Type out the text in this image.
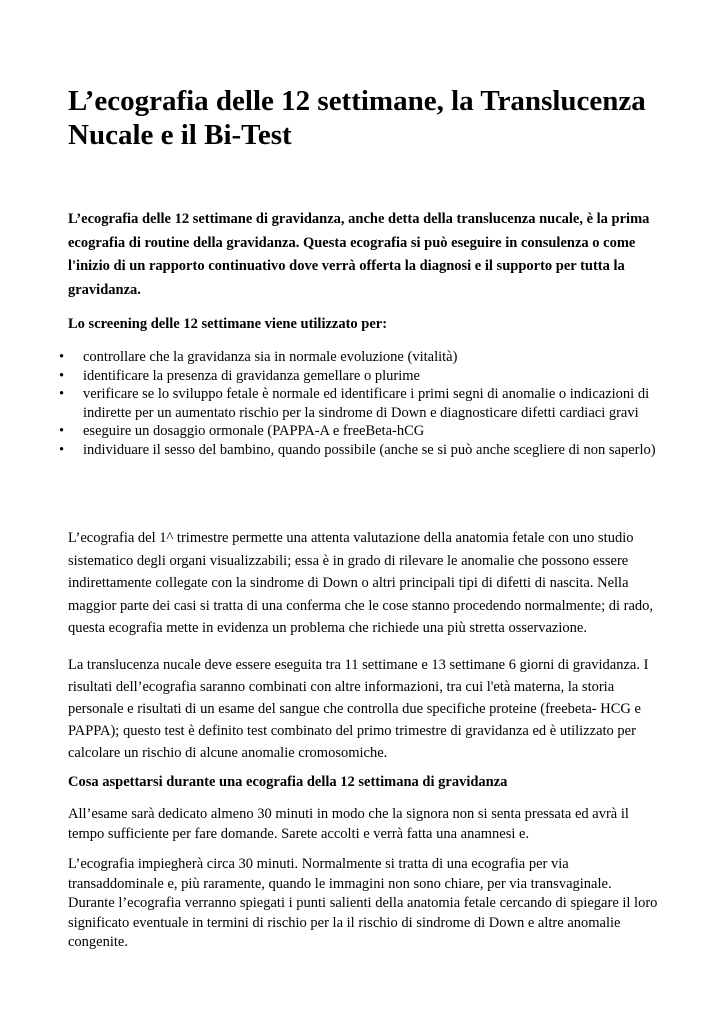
L’ecografia delle 12 settimane, la Translucenza Nucale e il Bi-Test

L’ecografia delle 12 settimane di gravidanza, anche detta della translucenza nucale, è la prima ecografia di routine della gravidanza. Questa ecografia si può eseguire in consulenza o come l'inizio di un rapporto continuativo dove verrà offerta la diagnosi e il supporto per tutta la gravidanza.

Lo screening delle 12 settimane viene utilizzato per:

• controllare che la gravidanza sia in normale evoluzione (vitalità)
• identificare la presenza di gravidanza gemellare o plurime
• verificare se lo sviluppo fetale è normale ed identificare i primi segni di anomalie o indicazioni di indirette per un aumentato rischio per la sindrome di Down e diagnosticare difetti cardiaci gravi
• eseguire un dosaggio ormonale (PAPPA-A e freeBeta-hCG
• individuare il sesso del bambino, quando possibile (anche se si può anche scegliere di non saperlo)

L’ecografia del 1^ trimestre permette una attenta valutazione della anatomia fetale con uno studio sistematico degli organi visualizzabili; essa è in grado di rilevare le anomalie che possono essere indirettamente collegate con la sindrome di Down o altri principali tipi di difetti di nascita. Nella maggior parte dei casi si tratta di una conferma che le cose stanno procedendo normalmente; di rado, questa ecografia mette in evidenza un problema che richiede una più stretta osservazione.

La translucenza nucale deve essere eseguita tra 11 settimane e 13 settimane 6 giorni di gravidanza. I risultati dell’ecografia saranno combinati con altre informazioni, tra cui l'età materna, la storia personale e risultati di un esame del sangue che controlla due specifiche proteine (freebeta- HCG e PAPPA); questo test è definito test combinato del primo trimestre di gravidanza ed è utilizzato per calcolare un rischio di alcune anomalie cromosomiche.

Cosa aspettarsi durante una ecografia della 12 settimana di gravidanza

All’esame sarà dedicato almeno 30 minuti in modo che la signora non si senta pressata ed avrà il tempo sufficiente per fare domande. Sarete accolti e verrà fatta una anamnesi e.

L’ecografia impiegherà circa 30 minuti. Normalmente si tratta di una ecografia per via transaddominale e, più raramente, quando le immagini non sono chiare, per via transvaginale. Durante l’ecografia verranno spiegati i punti salienti della anatomia fetale cercando di spiegare il loro significato eventuale in termini di rischio per la il rischio di sindrome di Down e altre anomalie congenite.
